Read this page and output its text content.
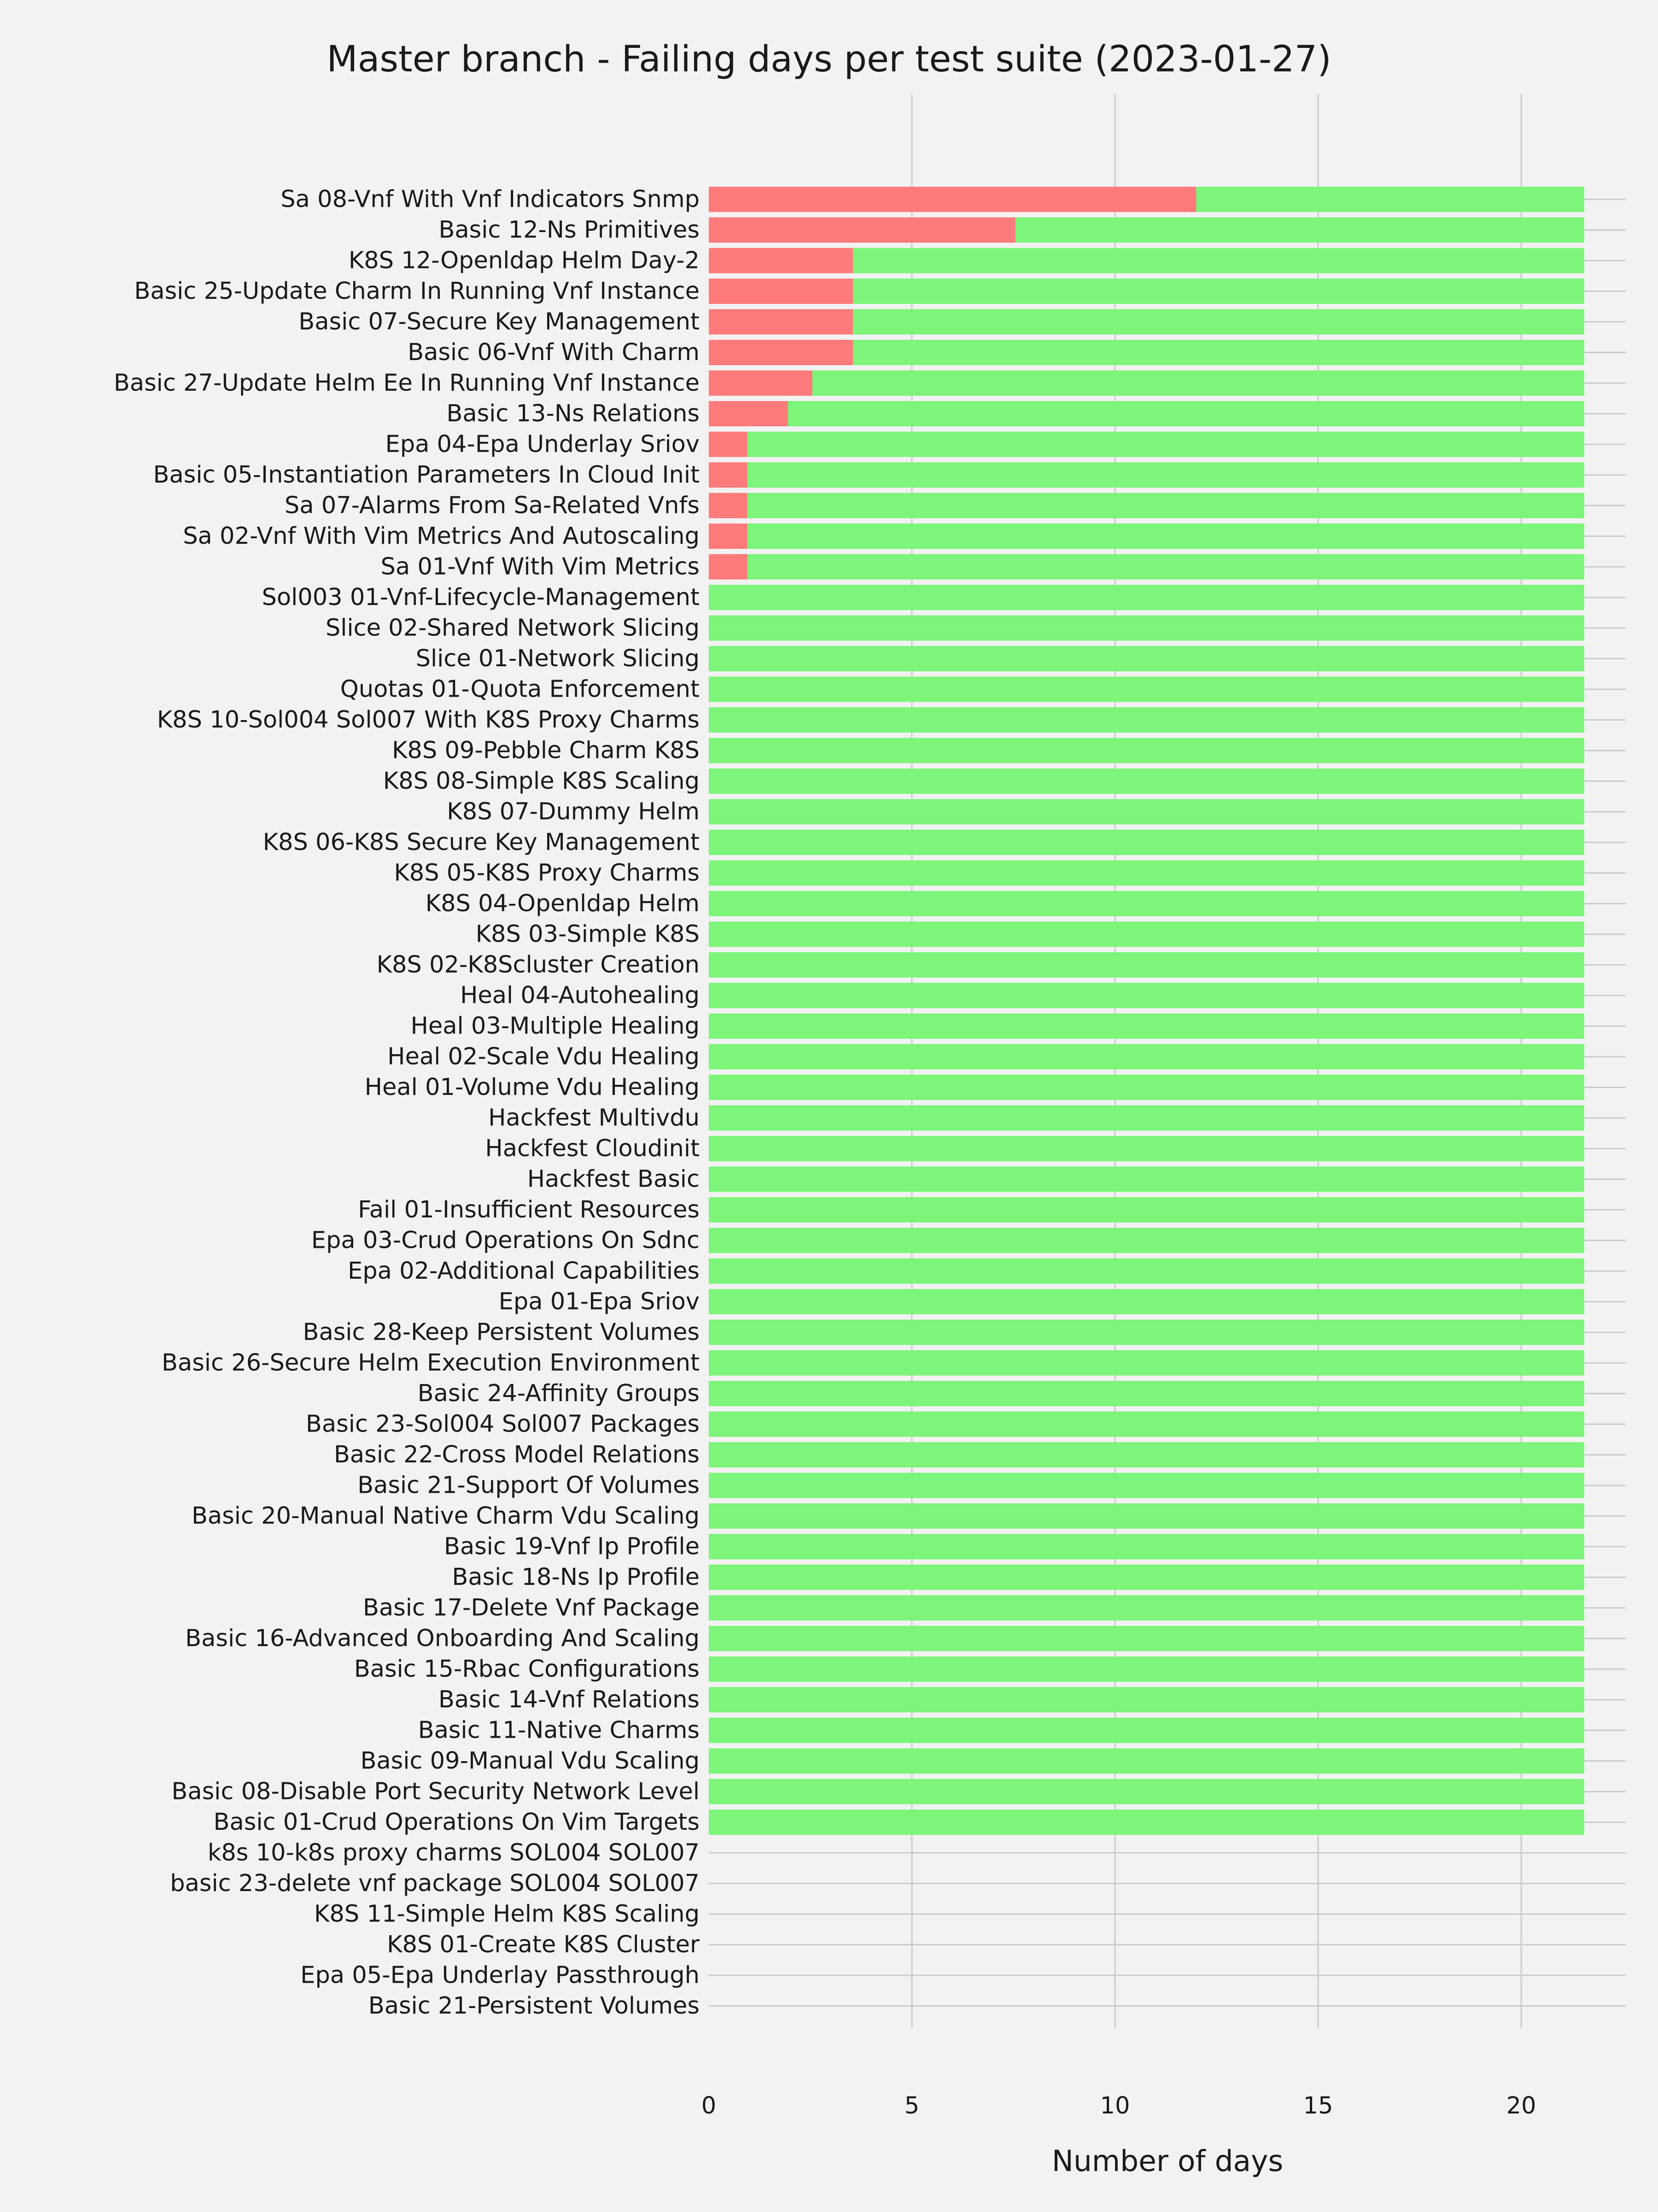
0	5	10	15	20
Sa 08-Vnf With Vnf Indicators Snmp
Basic 12-Ns Primitives
K8S 12-Openldap Helm Day-2
Basic 25-Update Charm In Running Vnf Instance
Basic 07-Secure Key Management
Basic 06-Vnf With Charm
Basic 27-Update Helm Ee In Running Vnf Instance
Basic 13-Ns Relations
Epa 04-Epa Underlay Sriov
Basic 05-Instantiation Parameters In Cloud Init
Sa 07-Alarms From Sa-Related Vnfs
Sa 02-Vnf With Vim Metrics And Autoscaling
Sa 01-Vnf With Vim Metrics
Sol003 01-Vnf-Lifecycle-Management
Slice 02-Shared Network Slicing
Slice 01-Network Slicing
Quotas 01-Quota Enforcement
K8S 10-Sol004 Sol007 With K8S Proxy Charms
K8S 09-Pebble Charm K8S
K8S 08-Simple K8S Scaling
K8S 07-Dummy Helm
K8S 06-K8S Secure Key Management
K8S 05-K8S Proxy Charms
K8S 04-Openldap Helm
K8S 03-Simple K8S
K8S 02-K8Scluster Creation
Heal 04-Autohealing
Heal 03-Multiple Healing
Heal 02-Scale Vdu Healing
Heal 01-Volume Vdu Healing
Hackfest Multivdu
Hackfest Cloudinit
Hackfest Basic
Fail 01-Insufficient Resources
Epa 03-Crud Operations On Sdnc
Epa 02-Additional Capabilities
Epa 01-Epa Sriov
Basic 28-Keep Persistent Volumes
Basic 26-Secure Helm Execution Environment
Basic 24-Affinity Groups
Basic 23-Sol004 Sol007 Packages
Basic 22-Cross Model Relations
Basic 21-Support Of Volumes
Basic 20-Manual Native Charm Vdu Scaling
Basic 19-Vnf Ip Profile
Basic 18-Ns Ip Profile
Basic 17-Delete Vnf Package
Basic 16-Advanced Onboarding And Scaling
Basic 15-Rbac Configurations
Basic 14-Vnf Relations
Basic 11-Native Charms
Basic 09-Manual Vdu Scaling
Basic 08-Disable Port Security Network Level
Basic 01-Crud Operations On Vim Targets
k8s 10-k8s proxy charms SOL004 SOL007
basic 23-delete vnf package SOL004 SOL007
K8S 11-Simple Helm K8S Scaling
K8S 01-Create K8S Cluster
Epa 05-Epa Underlay Passthrough
Basic 21-Persistent Volumes
Master branch - Failing days per test suite (2023-01-27)
Number of days
